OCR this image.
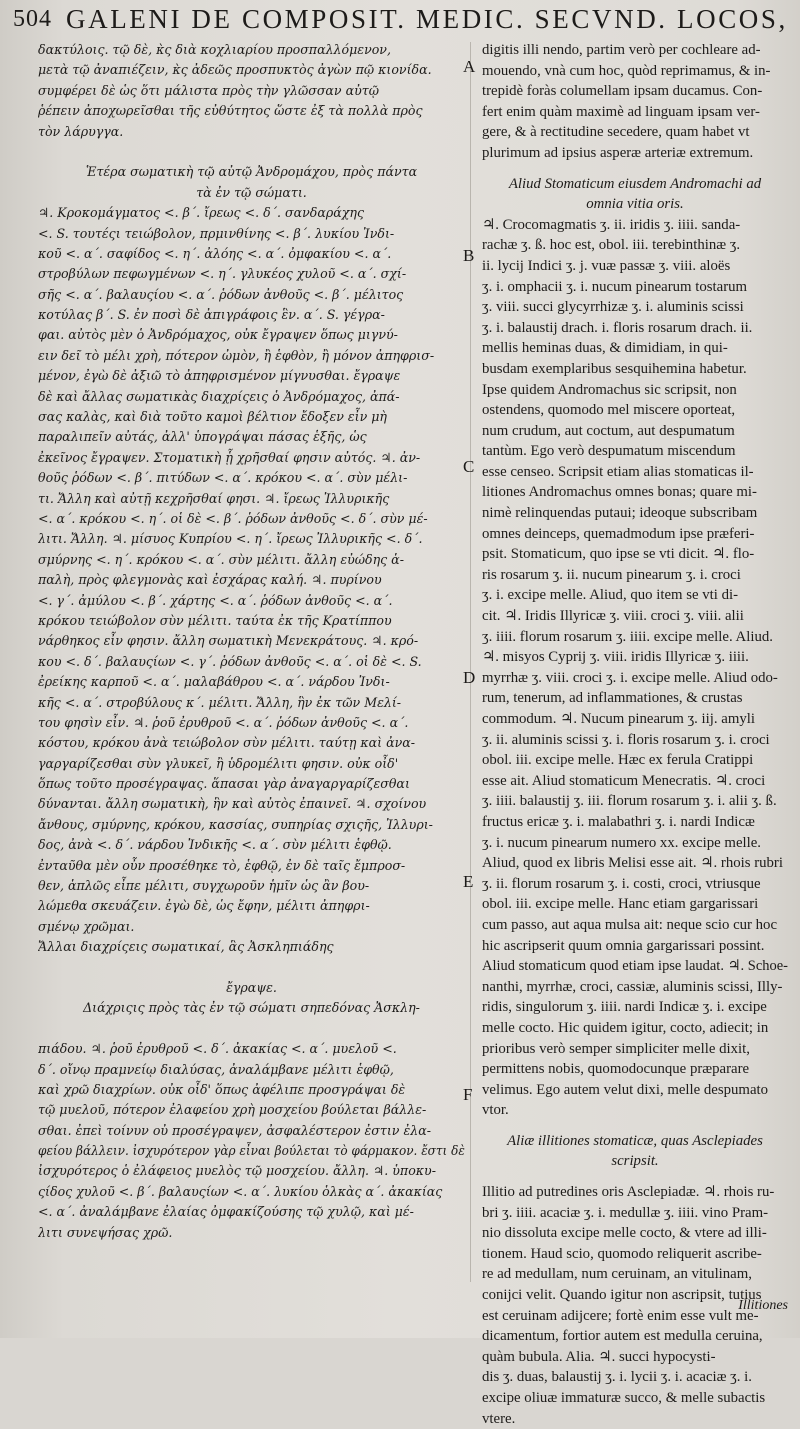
504 GALENI DE COMPOSIT. MEDIC. SECVND. LOCOS,
δακτύλοις. τῷ δὲ, κ̀ς διὰ κοχλιαρίου προσπαλλόμενον,
μετὰ τῷ ἀναπιέζειν, κ̀ς ἀδεῶς προσπυκτὸς ἀγὼν πῷ κιονίδα.
συμφέρει δὲ ὡς ὅτι μάλιστα πρὸς τὴν γλῶσσαν αὐτῷ
ῥέπειν ἀποχωρεῖσθαι τῆς εὐθύτητος ὥστε ἐξ τὰ πολλὰ πρὸς
τὸν λάρυγγα.
Ἑτέρα σωματικὴ τῷ αὐτῷ Ἀνδρομάχου, πρὸς πάντα
τὰ ἐν τῷ σώματι.
♃. Κροκομάγματος <. β΄. ἴρεως <. δ΄. σανδαράχης
<. S. τουτέςι τειώβολον, πρμινθίνης <. β΄. λυκίου Ἰνδι-
κοῦ <. α΄. σαφίδος <. η΄. ἀλόης <. α΄. ὀμφακίου <. α΄.
στροβύλων πεφωγμένων <. η΄. γλυκέος χυλοῦ <. α΄. σχί-
σῆς <. α΄. βαλαυςίου <. α΄. ῥόδων ἀνθοῦς <. β΄. μέλιτος
κοτύλας β΄. S. ἐν ποσὶ δὲ ἀπιγράφοις ἓν. α΄. S. γέγρα-
φαι. αὐτὸς μὲν ὁ Ἀνδρόμαχος, οὐκ ἔγραψεν ὅπως μιγνύ-
ειν δεῖ τὸ μέλι χρὴ, πότερον ὠμὸν, ἢ ἑφθὸν, ἢ μόνον ἀπηφρισ-
μένον, ἐγὼ δὲ ἀξιῶ τὸ ἀπηφρισμένον μίγνυσθαι. ἔγραψε
δὲ καὶ ἄλλας σωματικὰς διαχρίςεις ὁ Ἀνδρόμαχος, ἀπά-
σας καλὰς, καὶ διὰ τοῦτο καμοὶ βέλτιον ἔδοξεν εἶν μὴ
παραλιπεῖν αὐτάς, ἀλλ' ὑπογράψαι πάσας ἑξῆς, ὡς
ἐκεῖνος ἔγραψεν. Στοματικὴ ᾗ χρῆσθαί φησιν αὐτός. ♃. ἀν-
θοῦς ῥόδων <. β΄. πιτύδων <. α΄. κρόκου <. α΄. σὺν μέλι-
τι. Ἄλλη καὶ αὐτῇ κεχρῆσθαί φησι. ♃. ἴρεως Ἰλλυρικῆς
<. α΄. κρόκου <. η΄. οἱ δὲ <. β΄. ῥόδων ἀνθοῦς <. δ΄. σὺν μέ-
λιτι. Ἄλλη. ♃. μίσυος Κυπρίου <. η΄. ἴρεως Ἰλλυρικῆς <. δ΄.
σμύρνης <. η΄. κρόκου <. α΄. σὺν μέλιτι. ἄλλη εὐώδης ἁ-
παλὴ, πρὸς φλεγμονὰς καὶ ἐσχάρας καλή. ♃. πυρίνου
<. γ΄. ἀμύλου <. β΄. χάρτης <. α΄. ῥόδων ἀνθοῦς <. α΄.
κρόκου τειώβολον σὺν μέλιτι. ταύτα ἐκ τῆς Κρατίππου
νάρθηκος εἶν φησιν. ἄλλη σωματικὴ Μενεκράτους. ♃. κρό-
κου <. δ΄. βαλαυςίων <. γ΄. ῥόδων ἀνθοῦς <. α΄. οἱ δὲ <. S.
ἐρείκης καρποῦ <. α΄. μαλαβάθρου <. α΄. νάρδου Ἰνδι-
κῆς <. α΄. στροβύλους κ΄. μέλιτι. Ἄλλη, ἣν ἐκ τῶν Μελί-
του φησὶν εἶν. ♃. ῥοῦ ἐρυθροῦ <. α΄. ῥόδων ἀνθοῦς <. α΄.
κόστου, κρόκου ἀνὰ τειώβολον σὺν μέλιτι. ταύτῃ καὶ ἀνα-
γαργαρίζεσθαι σὺν γλυκεῖ, ἢ ὑδρομέλιτι φησιν. οὐκ οἶδ'
ὅπως τοῦτο προσέγραψας. ἅπασαι γὰρ ἀναγαργαρίζεσθαι
δύνανται. ἄλλη σωματικὴ, ἣν καὶ αὐτὸς ἐπαινεῖ. ♃. σχοίνου
ἄνθους, σμύρνης, κρόκου, κασσίας, συπηρίας σχιςῆς, Ἰλλυρι-
δος, ἀνὰ <. δ΄. νάρδου Ἰνδικῆς <. α΄. σὺν μέλιτι ἑφθῷ.
ἐνταῦθα μὲν οὖν προσέθηκε τὸ, ἑφθῷ, ἐν δὲ ταῖς ἔμπροσ-
θεν, ἁπλῶς εἶπε μέλιτι, συγχωροῦν ἡμῖν ὡς ἂν βου-
λώμεθα σκευάζειν. ἐγὼ δὲ, ὡς ἔφην, μέλιτι ἀπηφρι-
σμένῳ χρῶμαι.
Ἄλλαι διαχρίςεις σωματικαί, ἃς Ἀσκληπιάδης
ἔγραψε.
Διάχριςις πρὸς τὰς ἐν τῷ σώματι σηπεδόνας Ἀσκλη-
πιάδου. ♃. ῥοῦ ἐρυθροῦ <. δ΄. ἀκακίας <. α΄. μυελοῦ <.
δ΄. οἴνῳ πραμνείῳ διαλύσας, ἀναλάμβανε μέλιτι ἑφθῷ,
καὶ χρῶ διαχρίων. οὐκ οἶδ' ὅπως ἀφέλιπε προσγράψαι δὲ
τῷ μυελοῦ, πότερον ἐλαφείου χρὴ μοσχείου βούλεται βάλλε-
σθαι. ἐπεὶ τοίνυν οὐ προσέγραψεν, ἀσφαλέστερον ἐστιν ἐλα-
φείου βάλλειν. ἰσχυρότερον γὰρ εἶναι βούλεται τὸ φάρμακον. ἔστι δὲ
ἰσχυρότερος ὁ ἐλάφειος μυελὸς τῷ μοσχείου. ἄλλη. ♃. ὑποκυ-
ςίδος χυλοῦ <. β΄. βαλαυςίων <. α΄. λυκίου ὁλκὰς α΄. ἀκακίας
<. α΄. ἀναλάμβανε ἐλαίας ὀμφακίζούσης τῷ χυλῷ, καὶ μέ-
λιτι συνεψήσας χρῶ.
A
B
C
D
E
F
digitis illi nendo, partim verò per cochleare ad-
mouendo, vnà cum hoc, quòd reprimamus, & in-
trepidè foràs columellam ipsam ducamus. Con-
fert enim quàm maximè ad linguam ipsam ver-
gere, & à rectitudine secedere, quam habet vt
plurimum ad ipsius asperæ arteriæ extremum.
Aliud Stomaticum eiusdem Andromachi ad
omnia vitia oris.
♃. Crocomagmatis ʒ. ii. iridis ʒ. iiii. sanda-
rachæ ʒ. ß. hoc est, obol. iii. terebinthinæ ʒ.
ii. lycij Indici ʒ. j. vuæ passæ ʒ. viii. aloës
ʒ. i. omphacii ʒ. i. nucum pinearum tostarum
ʒ. viii. succi glycyrrhizæ ʒ. i. aluminis scissi
ʒ. i. balaustij drach. i. floris rosarum drach. ii.
mellis heminas duas, & dimidiam, in qui-
busdam exemplaribus sesquihemina habetur.
Ipse quidem Andromachus sic scripsit, non
ostendens, quomodo mel miscere oporteat,
num crudum, aut coctum, aut despumatum
tantùm. Ego verò despumatum miscendum
esse censeo. Scripsit etiam alias stomaticas il-
litiones Andromachus omnes bonas; quare mi-
nimè relinquendas putaui; ideoque subscribam
omnes deinceps, quemadmodum ipse præferi-
psit. Stomaticum, quo ipse se vti dicit. ♃. flo-
ris rosarum ʒ. ii. nucum pinearum ʒ. i. croci
ʒ. i. excipe melle. Aliud, quo item se vti di-
cit. ♃. Iridis Illyricæ ʒ. viii. croci ʒ. viii. alii
ʒ. iiii. florum rosarum ʒ. iiii. excipe melle. Aliud.
♃. misyos Cyprij ʒ. viii. iridis Illyricæ ʒ. iiii.
myrrhæ ʒ. viii. croci ʒ. i. excipe melle. Aliud odo-
rum, tenerum, ad inflammationes, & crustas
commodum. ♃. Nucum pinearum ʒ. iij. amyli
ʒ. ii. aluminis scissi ʒ. i. floris rosarum ʒ. i. croci
obol. iii. excipe melle. Hæc ex ferula Cratippi
esse ait. Aliud stomaticum Menecratis. ♃. croci
ʒ. iiii. balaustij ʒ. iii. florum rosarum ʒ. i. alii ʒ. ß.
fructus ericæ ʒ. i. malabathri ʒ. i. nardi Indicæ
ʒ. i. nucum pinearum numero xx. excipe melle.
Aliud, quod ex libris Melisi esse ait. ♃. rhois rubri
ʒ. ii. florum rosarum ʒ. i. costi, croci, vtriusque
obol. iii. excipe melle. Hanc etiam gargarissari
cum passo, aut aqua mulsa ait: neque scio cur hoc
hic ascripserit quum omnia gargarissari possint.
Aliud stomaticum quod etiam ipse laudat. ♃. Schoe-
nanthi, myrrhæ, croci, cassiæ, aluminis scissi, Illy-
ridis, singulorum ʒ. iiii. nardi Indicæ ʒ. i. excipe
melle cocto. Hic quidem igitur, cocto, adiecit; in
prioribus verò semper simpliciter melle dixit,
permittens nobis, quomodocunque præparare
velimus. Ego autem velut dixi, melle despumato
vtor.
Aliæ illitiones stomaticæ, quas Asclepiades
scripsit.
Illitio ad putredines oris Asclepiadæ. ♃. rhois ru-
bri ʒ. iiii. acaciæ ʒ. i. medullæ ʒ. iiii. vino Pram-
nio dissoluta excipe melle cocto, & vtere ad illi-
tionem. Haud scio, quomodo reliquerit ascribe-
re ad medullam, num ceruinam, an vitulinam,
conijci velit. Quando igitur non ascripsit, tutius
est ceruinam adijcere; fortè enim esse vult me-
dicamentum, fortior autem est medulla ceruina,
quàm bubula. Alia. ♃. succi hypocysti-
dis ʒ. duas, balaustij ʒ. i. lycii ʒ. i. acaciæ ʒ. i.
excipe oliuæ immaturæ succo, & melle subactis
vtere.
Illitiones
